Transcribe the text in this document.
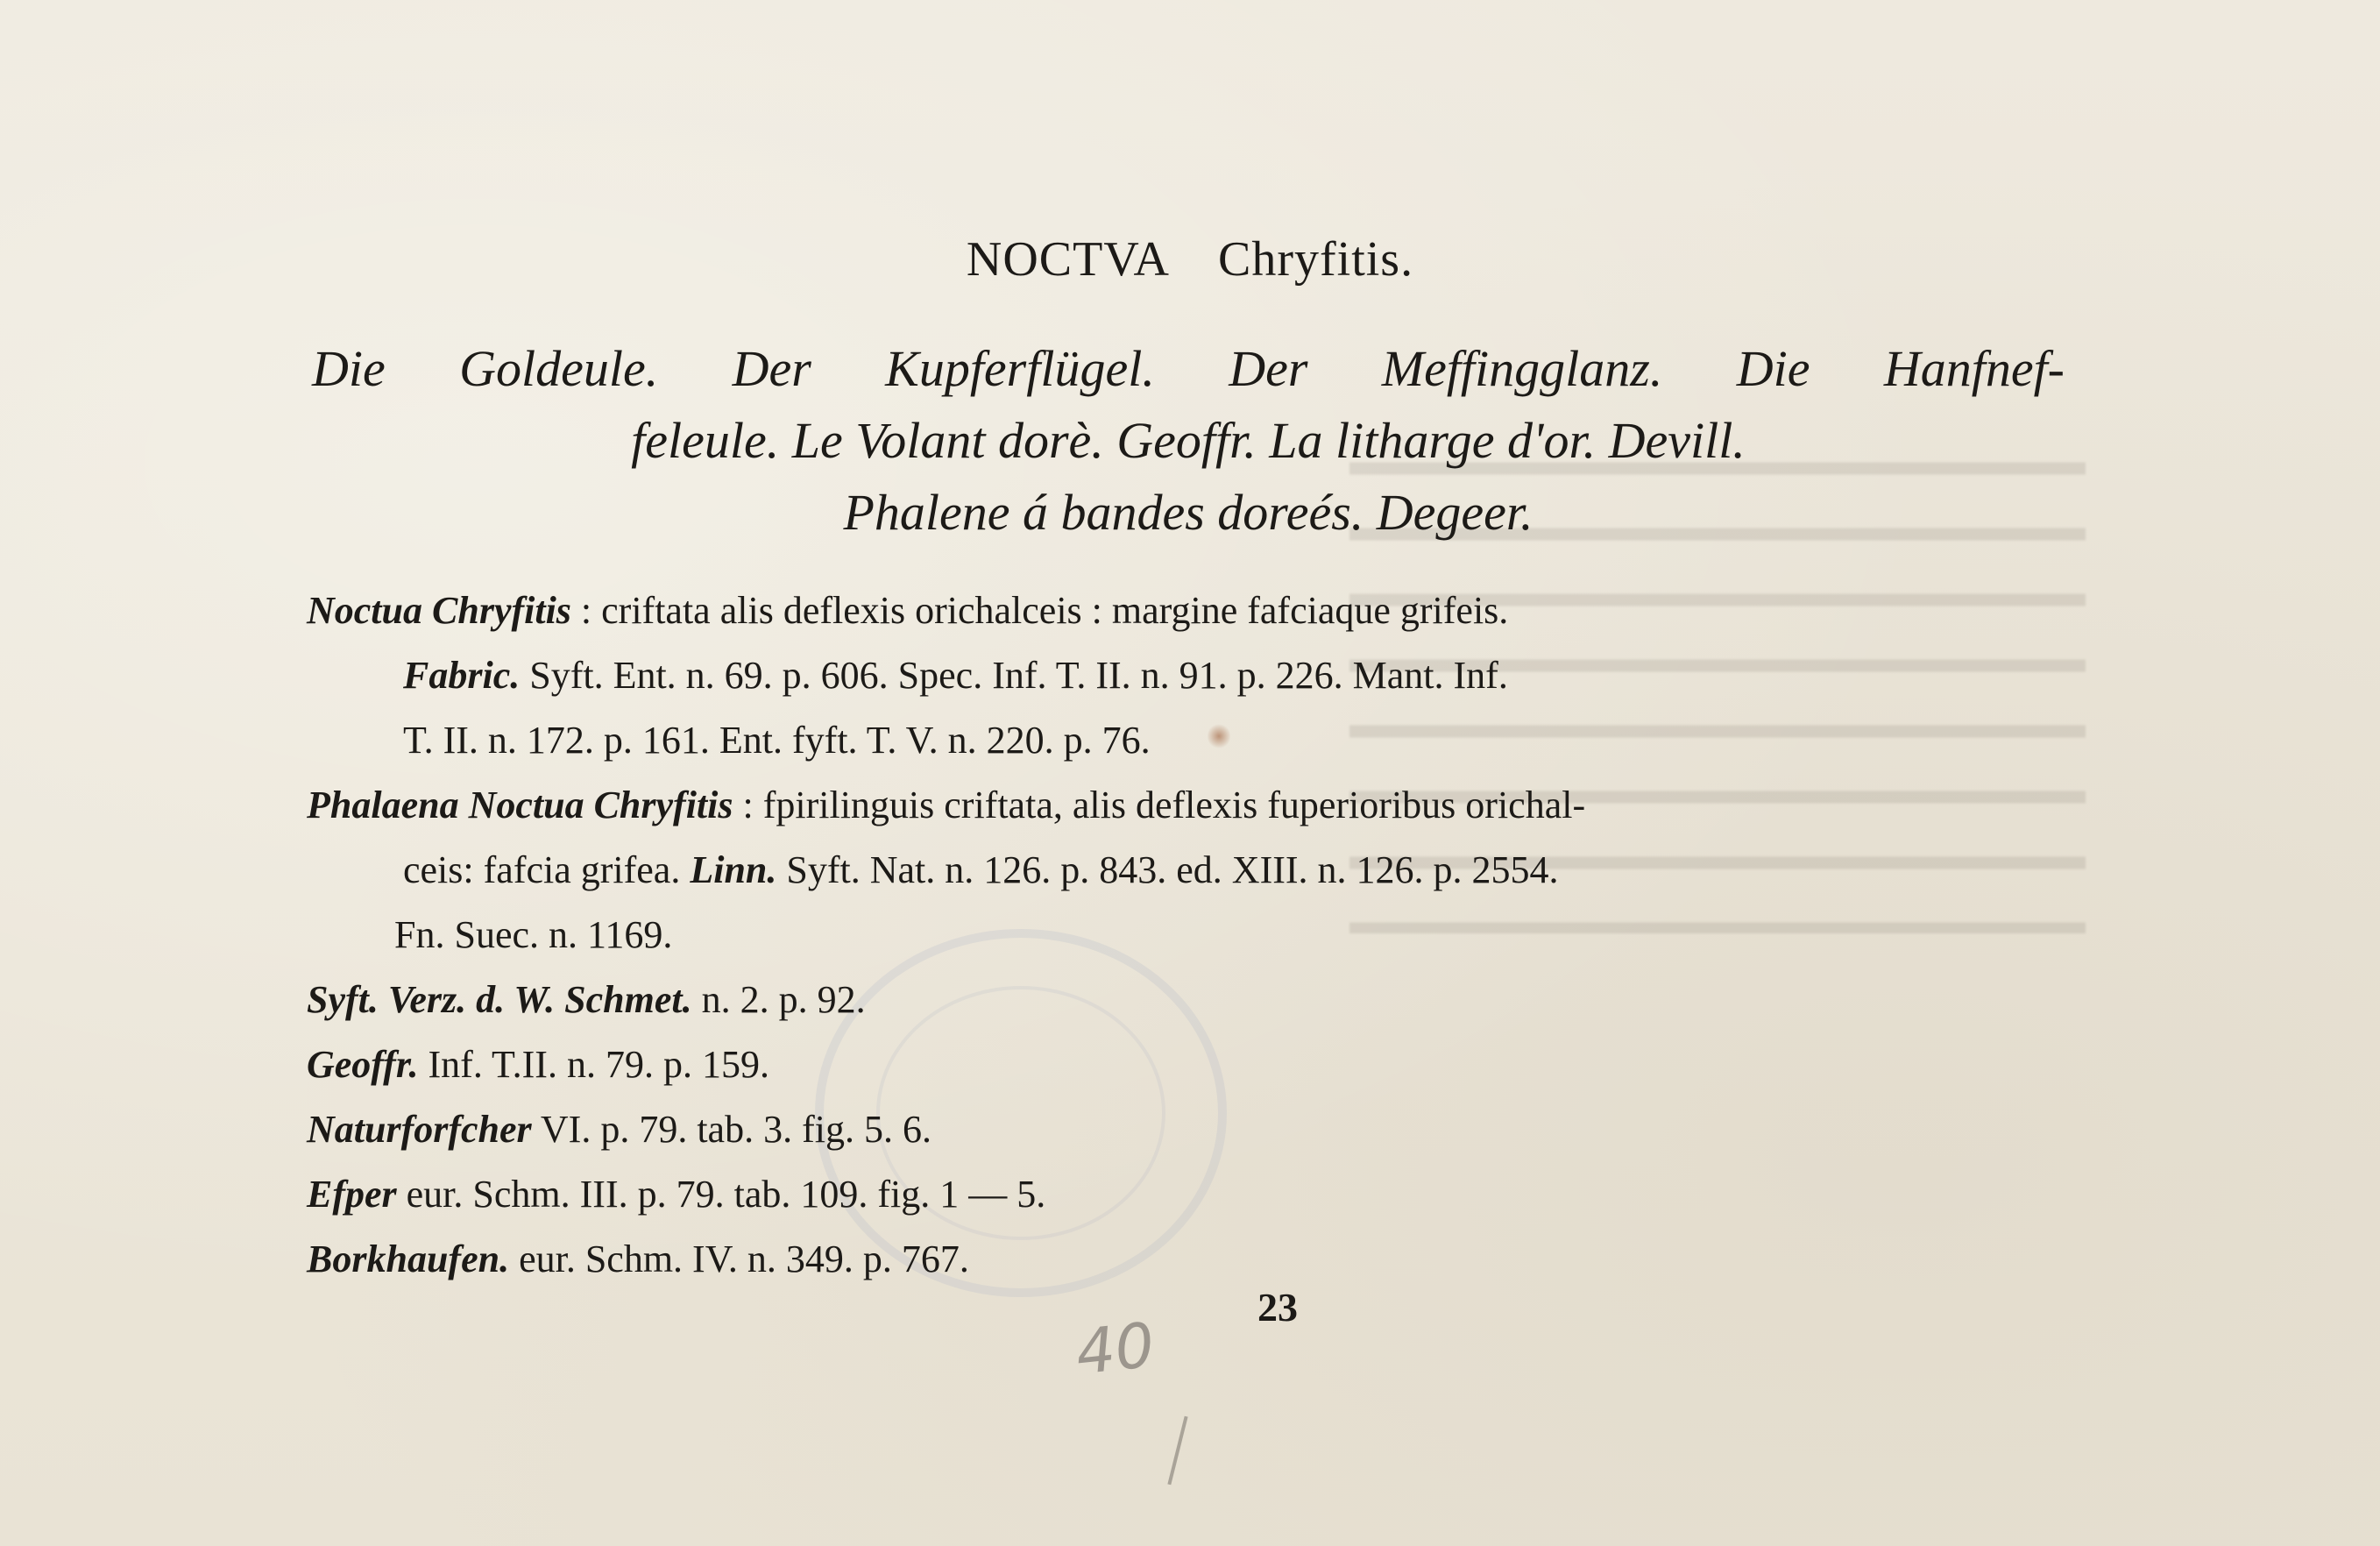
NOCTVA Chryfitis.
Die Goldeule. Der Kupferflügel. Der Meffingglanz. Die Hanfnef-
feleule. Le Volant dorè. Geoffr. La litharge d'or. Devill.
Phalene á bandes doreés. Degeer.
Noctua Chryfitis : criftata alis deflexis orichalceis : margine fafciaque grifeis.
Fabric. Syft. Ent. n. 69. p. 606. Spec. Inf. T. II. n. 91. p. 226. Mant. Inf.
T. II. n. 172. p. 161. Ent. fyft. T. V. n. 220. p. 76.
Phalaena Noctua Chryfitis : fpirilinguis criftata, alis deflexis fuperioribus orichal-
ceis: fafcia grifea. Linn. Syft. Nat. n. 126. p. 843. ed. XIII. n. 126. p. 2554.
Fn. Suec. n. 1169.
Syft. Verz. d. W. Schmet. n. 2. p. 92.
Geoffr. Inf. T.II. n. 79. p. 159.
Naturforfcher VI. p. 79. tab. 3. fig. 5. 6.
Efper eur. Schm. III. p. 79. tab. 109. fig. 1 — 5.
Borkhaufen. eur. Schm. IV. n. 349. p. 767.
23
40
